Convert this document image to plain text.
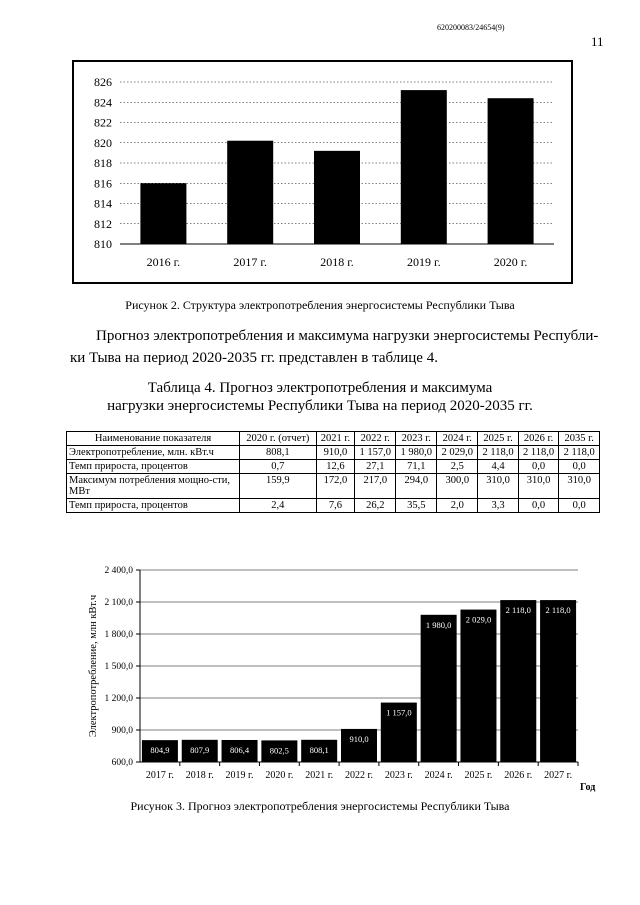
620200083/24654(9)
11
810
812
814
816
818
820
822
824
826
2016 г.	2017 г.	2018 г.	2019 г.	2020 г.
Рисунок 2. Структура электропотребления энергосистемы Республики Тыва
Прогноз электропотребления и максимума нагрузки энергосистемы Республи-
ки Тыва на период 2020-2035 гг. представлен в таблице 4.
Таблица 4. Прогноз электропотребления и максимума
нагрузки энергосистемы Республики Тыва на период 2020-2035 гг.
Наименование показателя	2020 г. (отчет)	2021 г.	2022 г.	2023 г.	2024 г.	2025 г.	2026 г.	2035 г.
Электропотребление, млн. кВт.ч	808,1	910,0	1 157,0	1 980,0	2 029,0	2 118,0	2 118,0	2 118,0
Темп прироста, процентов	0,7	12,6	27,1	71,1	2,5	4,4	0,0	0,0
Максимум потребления мощно-сти, МВт	159,9	172,0	217,0	294,0	300,0	310,0	310,0	310,0
Темп прироста, процентов	2,4	7,6	26,2	35,5	2,0	3,3	0,0	0,0
600,0
900,0
1 200,0
1 500,0
1 800,0
2 100,0
2 400,0
804,9
2017 г.
807,9
2018 г.
806,4
2019 г.
802,5
2020 г.
808,1
2021 г.
910,0
2022 г.
1 157,0
2023 г.
1 980,0
2024 г.
2 029,0
2025 г.
2 118,0
2026 г.
2 118,0
2027 г.
Год
Электропотребление, млн кВт.ч
Рисунок 3. Прогноз электропотребления энергосистемы Республики Тыва
